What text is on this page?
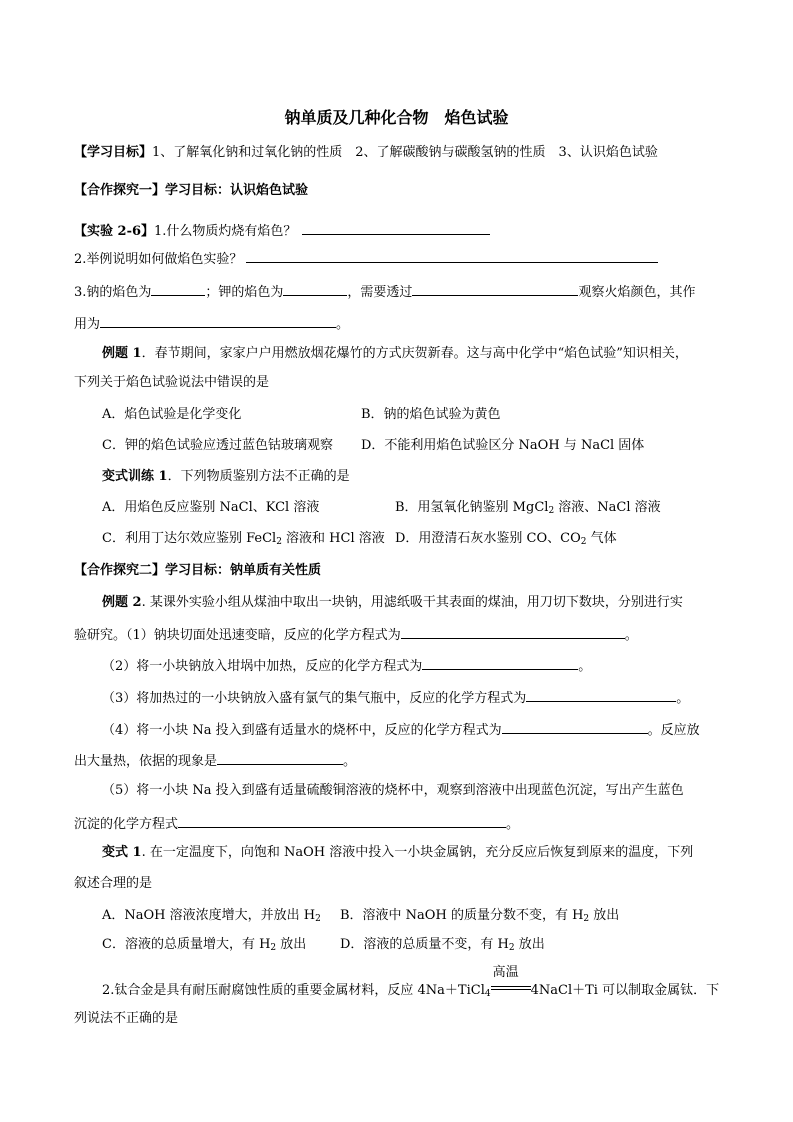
钠单质及几种化合物　焰色试验
【学习目标】1、了解氧化钠和过氧化钠的性质　2、了解碳酸钠与碳酸氢钠的性质　3、认识焰色试验
【合作探究一】学习目标：认识焰色试验
【实验 2-6】1.什么物质灼烧有焰色？
2.举例说明如何做焰色实验？
3.钠的焰色为	；钾的焰色为	，需要透过	观察火焰颜色，其作
用为	。
例题 1．春节期间，家家户户用燃放烟花爆竹的方式庆贺新春。这与高中化学中“焰色试验”知识相关，
下列关于焰色试验说法中错误的是
A．焰色试验是化学变化	B．钠的焰色试验为黄色
C．钾的焰色试验应透过蓝色钴玻璃观察 D．不能利用焰色试验区分 NaOH 与 NaCl 固体
变式训练 1．下列物质鉴别方法不正确的是
A．用焰色反应鉴别 NaCl、KCl 溶液	B．用氢氧化钠鉴别 MgCl$_2$ 溶液、NaCl 溶液
C．利用丁达尔效应鉴别 FeCl$_2$ 溶液和 HCl 溶液 D．用澄清石灰水鉴别 CO、$CO_2$ 气体
【合作探究二】学习目标：钠单质有关性质
例题 2. 某课外实验小组从煤油中取出一块钠，用滤纸吸干其表面的煤油，用刀切下数块，分别进行实
验研究。（1）钠块切面处迅速变暗，反应的化学方程式为	。
（2）将一小块钠放入坩埚中加热，反应的化学方程式为	。
（3）将加热过的一小块钠放入盛有氯气的集气瓶中，反应的化学方程式为	。
（4）将一小块 Na 投入到盛有适量水的烧杯中，反应的化学方程式为	。反应放
出大量热，依据的现象是	。
（5）将一小块 Na 投入到盛有适量硫酸铜溶液的烧杯中，观察到溶液中出现蓝色沉淀，写出产生蓝色
沉淀的化学方程式	。
变式 1. 在一定温度下，向饱和 NaOH 溶液中投入一小块金属钠，充分反应后恢复到原来的温度，下列
叙述合理的是
A．NaOH 溶液浓度增大，并放出 $H_2$ B．溶液中 NaOH 的质量分数不变，有 $H_2$ 放出
C．溶液的总质量增大，有 $H_2$ 放出	D．溶液的总质量不变，有 $H_2$ 放出
2.钛合金是具有耐压耐腐蚀性质的重要金属材料，反应 4Na＋TiCl$_4$
高温
4NaCl＋Ti 可以制取金属钛．下
列说法不正确的是
